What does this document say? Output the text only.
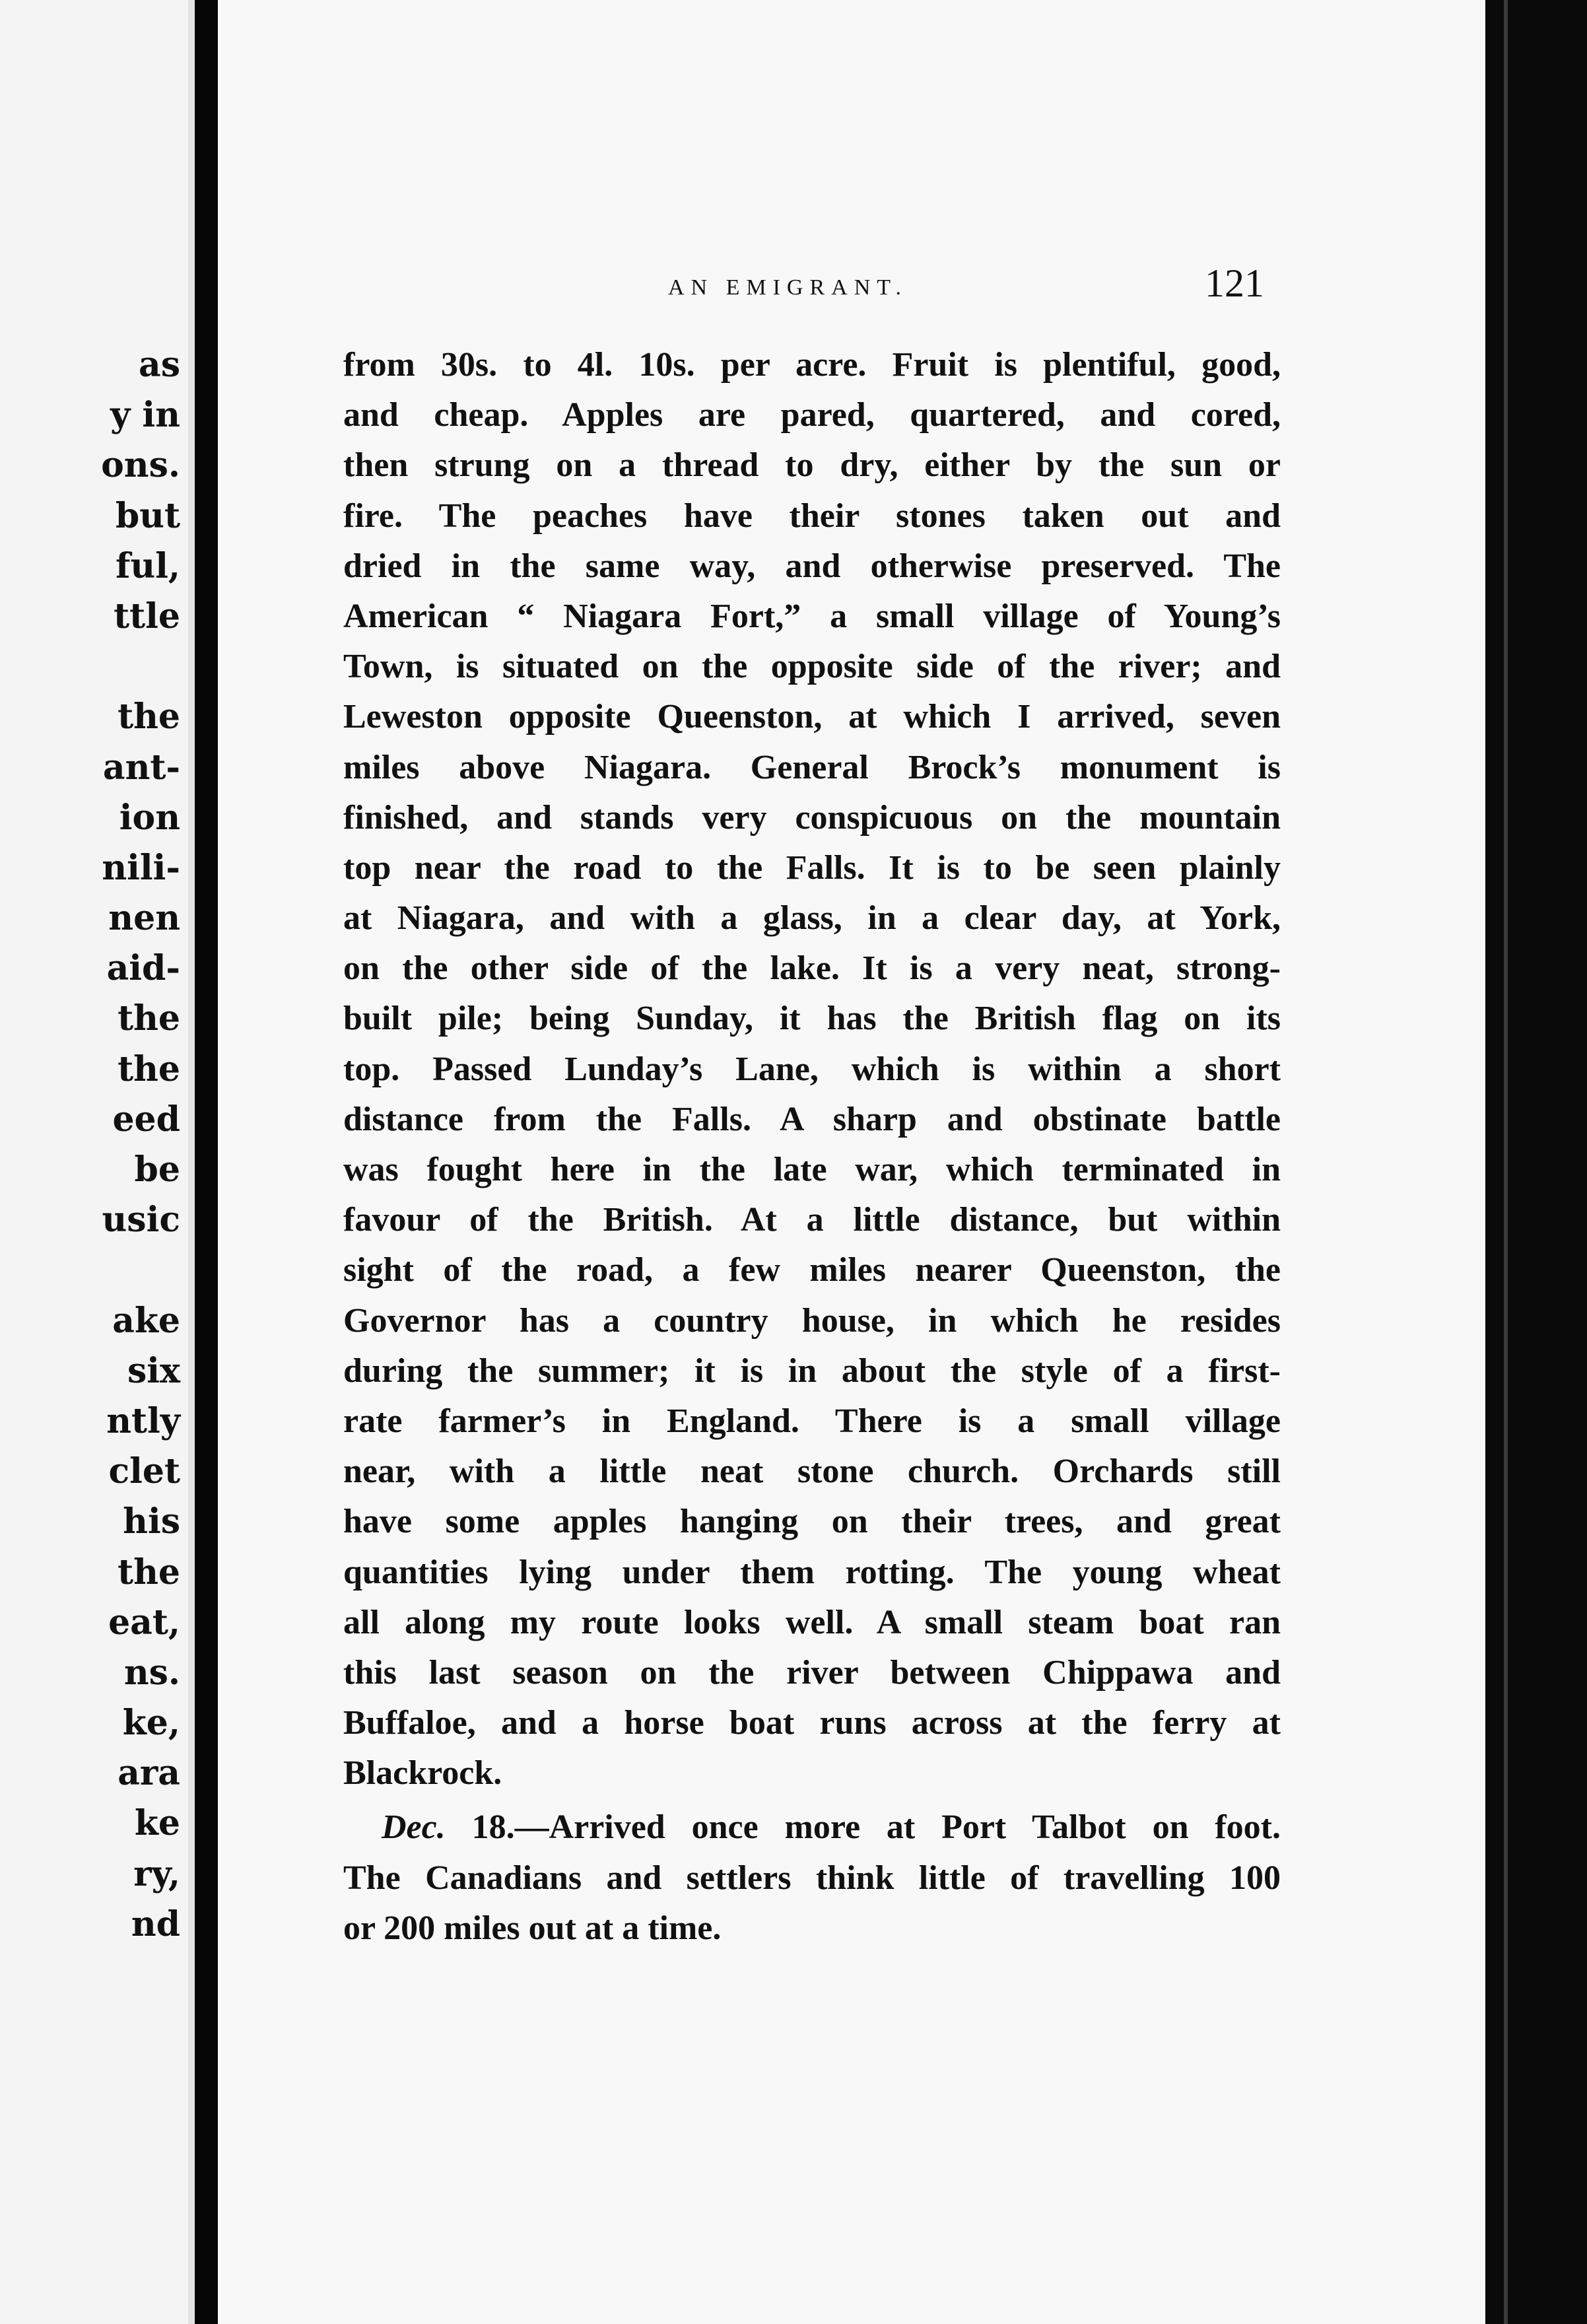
as
y in
ons.
but
ful,
ttle
the
ant-
ion
nili-
nen
aid-
the
the
eed
be
usic
ake
six
ntly
clet
his
the
eat,
ns.
ke,
ara
ke
ry,
nd
AN EMIGRANT.	121
from 30s. to 4l. 10s. per acre. Fruit is plentiful, good,
and cheap. Apples are pared, quartered, and cored,
then strung on a thread to dry, either by the sun or
fire. The peaches have their stones taken out and
dried in the same way, and otherwise preserved. The
American “ Niagara Fort,” a small village of Young’s
Town, is situated on the opposite side of the river; and
Leweston opposite Queenston, at which I arrived, seven
miles above Niagara. General Brock’s monument is
finished, and stands very conspicuous on the mountain
top near the road to the Falls. It is to be seen plainly
at Niagara, and with a glass, in a clear day, at York,
on the other side of the lake. It is a very neat, strong-
built pile; being Sunday, it has the British flag on its
top. Passed Lunday’s Lane, which is within a short
distance from the Falls. A sharp and obstinate battle
was fought here in the late war, which terminated in
favour of the British. At a little distance, but within
sight of the road, a few miles nearer Queenston, the
Governor has a country house, in which he resides
during the summer; it is in about the style of a first-
rate farmer’s in England. There is a small village
near, with a little neat stone church. Orchards still
have some apples hanging on their trees, and great
quantities lying under them rotting. The young wheat
all along my route looks well. A small steam boat ran
this last season on the river between Chippawa and
Buffaloe, and a horse boat runs across at the ferry at
Blackrock.
Dec. 18.—Arrived once more at Port Talbot on foot.
The Canadians and settlers think little of travelling 100
or 200 miles out at a time.
